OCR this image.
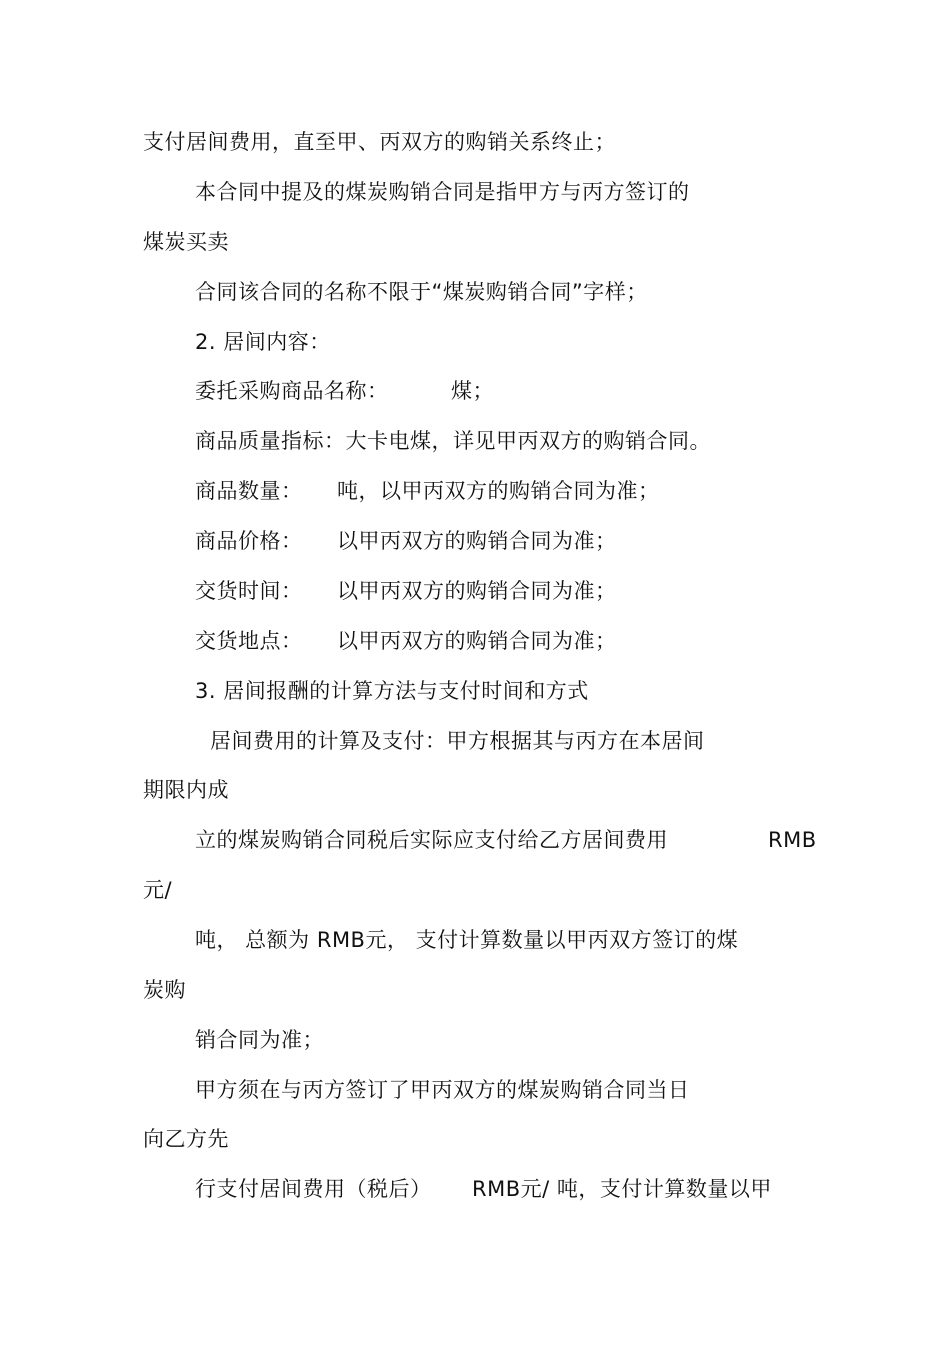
支付居间费用，直至甲、丙双方的购销关系终止；
本合同中提及的煤炭购销合同是指甲方与丙方签订的
煤炭买卖
合同该合同的名称不限于“煤炭购销合同”字样；
2. 居间内容：
委托采购商品名称：	煤；
商品质量指标：大卡电煤，详见甲丙双方的购销合同。
商品数量： 吨，以甲丙双方的购销合同为准；
商品价格： 以甲丙双方的购销合同为准；
交货时间： 以甲丙双方的购销合同为准；
交货地点： 以甲丙双方的购销合同为准；
3. 居间报酬的计算方法与支付时间和方式
居间费用的计算及支付：甲方根据其与丙方在本居间
期限内成
立的煤炭购销合同税后实际应支付给乙方居间费用	RMB
元/
吨， 总额为 RMB元， 支付计算数量以甲丙双方签订的煤
炭购
销合同为准；
甲方须在与丙方签订了甲丙双方的煤炭购销合同当日
向乙方先
行支付居间费用（税后） RMB元/ 吨，支付计算数量以甲
